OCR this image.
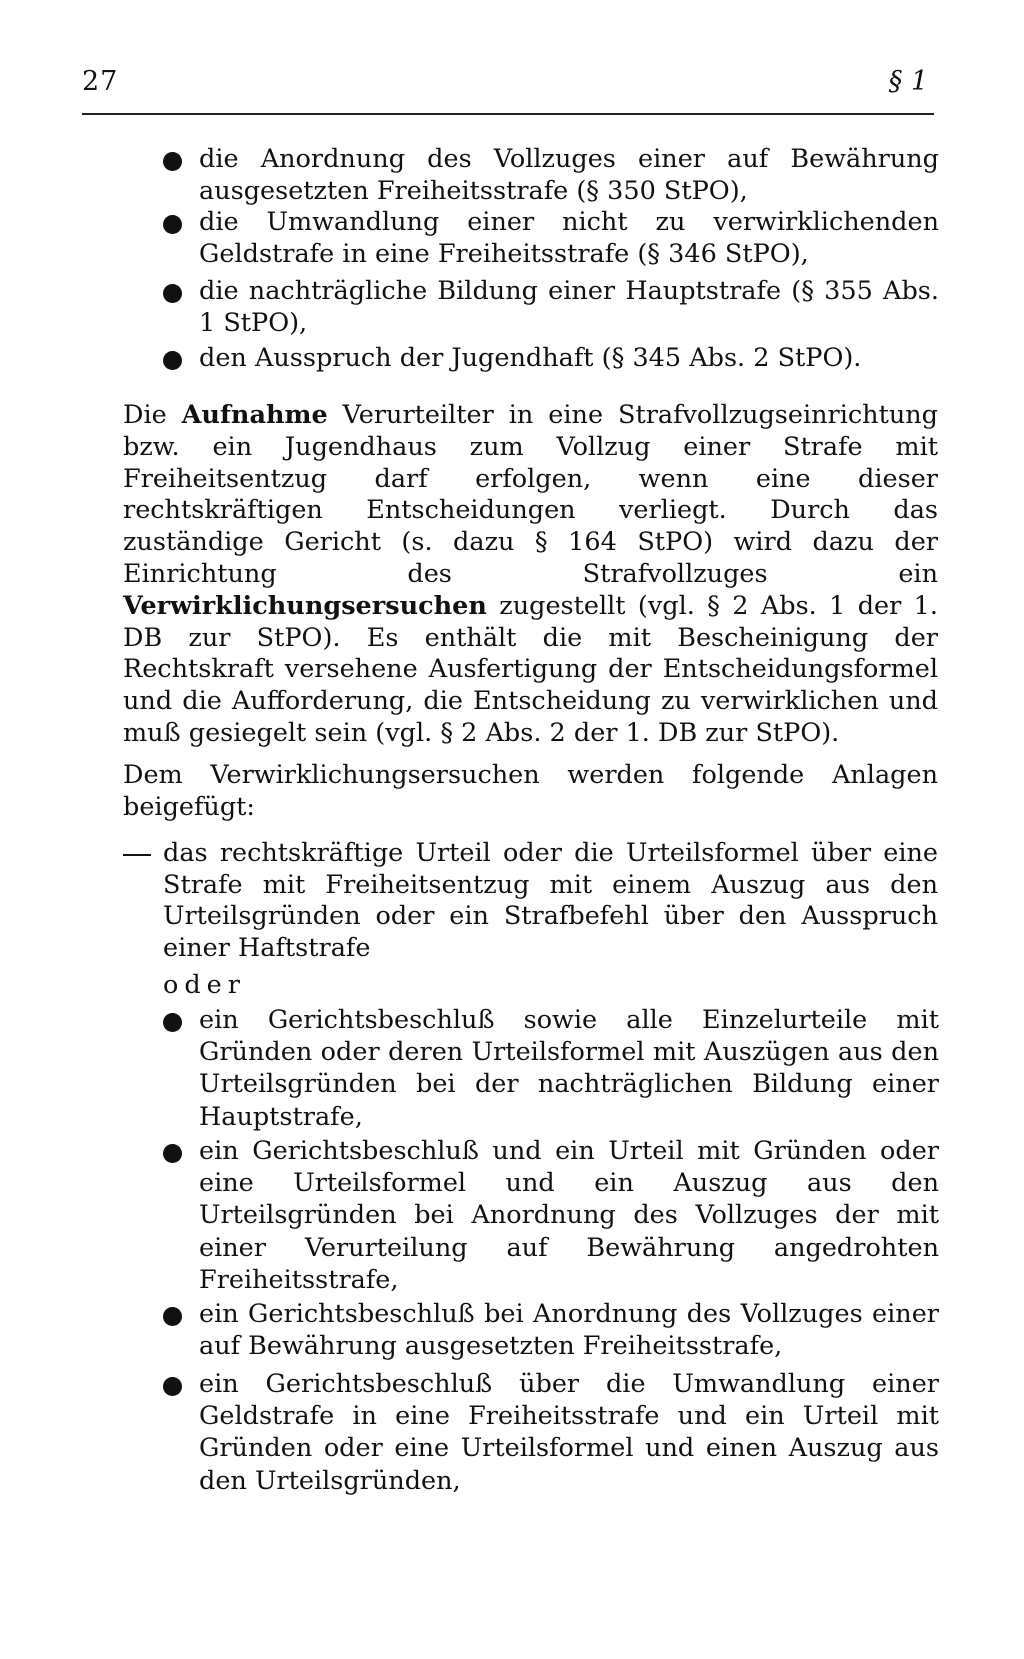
27	§ 1
die Anordnung des Vollzuges einer auf Bewährung ausgesetzten Freiheitsstrafe (§ 350 StPO),
die Umwandlung einer nicht zu verwirklichenden Geldstrafe in eine Freiheitsstrafe (§ 346 StPO),
die nachträgliche Bildung einer Hauptstrafe (§ 355 Abs. 1 StPO),
den Ausspruch der Jugendhaft (§ 345 Abs. 2 StPO).
Die Aufnahme Verurteilter in eine Strafvollzugseinrichtung bzw. ein Jugendhaus zum Vollzug einer Strafe mit Freiheitsentzug darf erfolgen, wenn eine dieser rechtskräftigen Entscheidungen verliegt. Durch das zuständige Gericht (s. dazu § 164 StPO) wird dazu der Einrichtung des Strafvollzuges ein Verwirklichungsersuchen zugestellt (vgl. § 2 Abs. 1 der 1. DB zur StPO). Es enthält die mit Bescheinigung der Rechtskraft versehene Ausfertigung der Entscheidungsformel und die Aufforderung, die Entscheidung zu verwirklichen und muß gesiegelt sein (vgl. § 2 Abs. 2 der 1. DB zur StPO).
Dem Verwirklichungsersuchen werden folgende Anlagen beigefügt:
das rechtskräftige Urteil oder die Urteilsformel über eine Strafe mit Freiheitsentzug mit einem Auszug aus den Urteilsgründen oder ein Strafbefehl über den Ausspruch einer Haftstrafe
oder
ein Gerichtsbeschluß sowie alle Einzelurteile mit Gründen oder deren Urteilsformel mit Auszügen aus den Urteilsgründen bei der nachträglichen Bildung einer Hauptstrafe,
ein Gerichtsbeschluß und ein Urteil mit Gründen oder eine Urteilsformel und ein Auszug aus den Urteilsgründen bei Anordnung des Vollzuges der mit einer Verurteilung auf Bewährung angedrohten Freiheitsstrafe,
ein Gerichtsbeschluß bei Anordnung des Vollzuges einer auf Bewährung ausgesetzten Freiheitsstrafe,
ein Gerichtsbeschluß über die Umwandlung einer Geldstrafe in eine Freiheitsstrafe und ein Urteil mit Gründen oder eine Urteilsformel und einen Auszug aus den Urteilsgründen,
